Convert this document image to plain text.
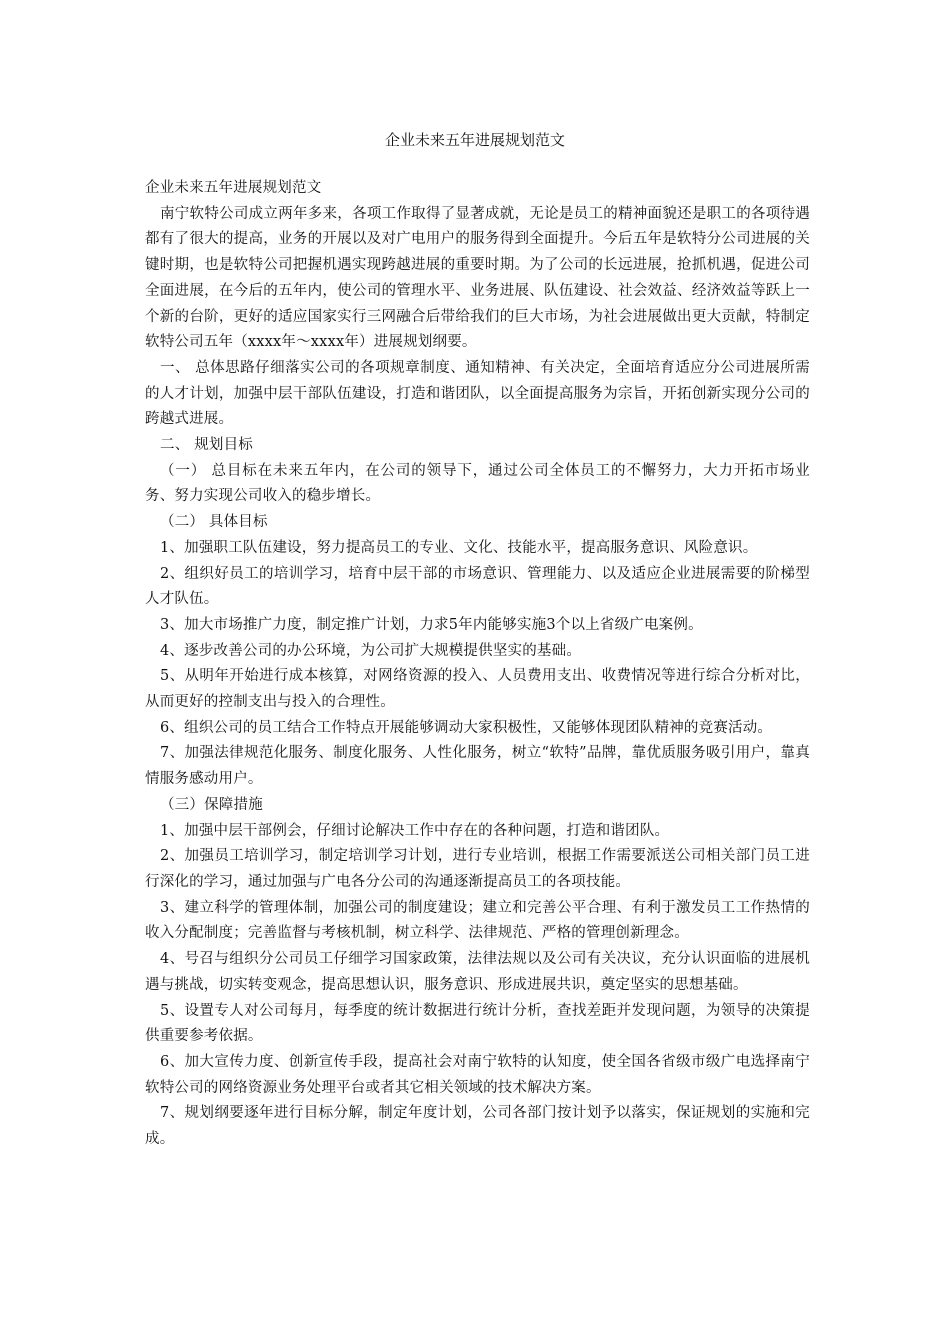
企业未来五年进展规划范文

企业未来五年进展规划范文

南宁软特公司成立两年多来，各项工作取得了显著成就，无论是员工的精神面貌还是职工的各项待遇都有了很大的提高，业务的开展以及对广电用户的服务得到全面提升。今后五年是软特分公司进展的关键时期，也是软特公司把握机遇实现跨越进展的重要时期。为了公司的长远进展，抢抓机遇，促进公司全面进展，在今后的五年内，使公司的管理水平、业务进展、队伍建设、社会效益、经济效益等跃上一个新的台阶，更好的适应国家实行三网融合后带给我们的巨大市场，为社会进展做出更大贡献，特制定软特公司五年（xxxx年～xxxx年）进展规划纲要。

一、 总体思路仔细落实公司的各项规章制度、通知精神、有关决定，全面培育适应分公司进展所需的人才计划，加强中层干部队伍建设，打造和谐团队，以全面提高服务为宗旨，开拓创新实现分公司的跨越式进展。

二、 规划目标

（一） 总目标在未来五年内，在公司的领导下，通过公司全体员工的不懈努力，大力开拓市场业务、努力实现公司收入的稳步增长。

（二） 具体目标

1、加强职工队伍建设，努力提高员工的专业、文化、技能水平，提高服务意识、风险意识。

2、组织好员工的培训学习，培育中层干部的市场意识、管理能力、以及适应企业进展需要的阶梯型人才队伍。

3、加大市场推广力度，制定推广计划，力求5年内能够实施3个以上省级广电案例。

4、逐步改善公司的办公环境，为公司扩大规模提供坚实的基础。

5、从明年开始进行成本核算，对网络资源的投入、人员费用支出、收费情况等进行综合分析对比，从而更好的控制支出与投入的合理性。

6、组织公司的员工结合工作特点开展能够调动大家积极性，又能够体现团队精神的竞赛活动。

7、加强法律规范化服务、制度化服务、人性化服务，树立“软特”品牌，靠优质服务吸引用户，靠真情服务感动用户。

（三）保障措施

1、加强中层干部例会，仔细讨论解决工作中存在的各种问题，打造和谐团队。

2、加强员工培训学习，制定培训学习计划，进行专业培训，根据工作需要派送公司相关部门员工进行深化的学习，通过加强与广电各分公司的沟通逐渐提高员工的各项技能。

3、建立科学的管理体制，加强公司的制度建设；建立和完善公平合理、有利于激发员工工作热情的收入分配制度；完善监督与考核机制，树立科学、法律规范、严格的管理创新理念。

4、号召与组织分公司员工仔细学习国家政策，法律法规以及公司有关决议，充分认识面临的进展机遇与挑战，切实转变观念，提高思想认识，服务意识、形成进展共识，奠定坚实的思想基础。

5、设置专人对公司每月，每季度的统计数据进行统计分析，查找差距并发现问题，为领导的决策提供重要参考依据。

6、加大宣传力度、创新宣传手段，提高社会对南宁软特的认知度，使全国各省级市级广电选择南宁软特公司的网络资源业务处理平台或者其它相关领域的技术解决方案。

7、规划纲要逐年进行目标分解，制定年度计划，公司各部门按计划予以落实，保证规划的实施和完成。
